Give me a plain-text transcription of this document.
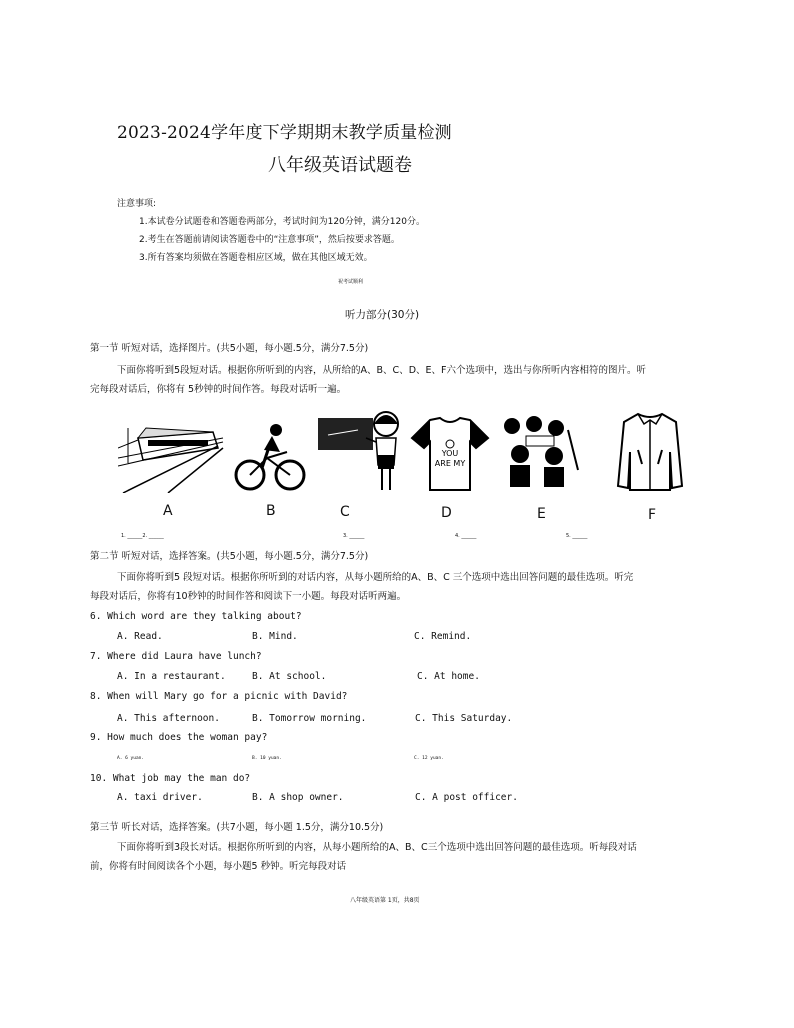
2023-2024学年度下学期期末教学质量检测
八年级英语试题卷
注意事项:
1.本试卷分试题卷和答题卷两部分，考试时间为120分钟，满分120分。
2.考生在答题前请阅读答题卷中的“注意事项”，然后按要求答题。
3.所有答案均须做在答题卷相应区域，做在其他区域无效。
祝考试顺利
听力部分(30分)
第一节 听短对话，选择图片。(共5小题，每小题.5分，满分7.5分)
下面你将听到5段短对话。根据你所听到的内容，从所给的A、B、C、D、E、F六个选项中，选出与你所听内容相符的图片。听
完每段对话后，你将有 5秒钟的时间作答。每段对话听一遍。
YOU
ARE MY
A	B	C	D	E	F
1. ______2. ______	3. ______	4. ______	5. ______
第二节 听短对话，选择答案。(共5小题，每小题.5分，满分7.5分)
下面你将听到5 段短对话。根据你所听到的对话内容，从每小题所给的A、B、C 三个选项中选出回答问题的最佳选项。听完
每段对话后，你将有10秒钟的时间作答和阅读下一小题。每段对话听两遍。
6. Which word are they talking about?
A. Read.	B. Mind.	C. Remind.
7. Where did Laura have lunch?
A. In a restaurant.	B. At school.	C. At home.
8. When will Mary go for a picnic with David?
A. This afternoon.	B. Tomorrow morning.	C. This Saturday.
9. How much does the woman pay?
A. 6 yuan.	B. 10 yuan.	C. 12 yuan.
10. What job may the man do?
A. taxi driver.	B. A shop owner.	C. A post officer.
第三节 听长对话，选择答案。(共7小题，每小题 1.5分，满分10.5分)
下面你将听到3段长对话。根据你所听到的内容，从每小题所给的A、B、C三个选项中选出回答问题的最佳选项。听每段对话
前，你将有时间阅读各个小题，每小题5 秒钟。听完每段对话
八年级英语第 1页，共8页
